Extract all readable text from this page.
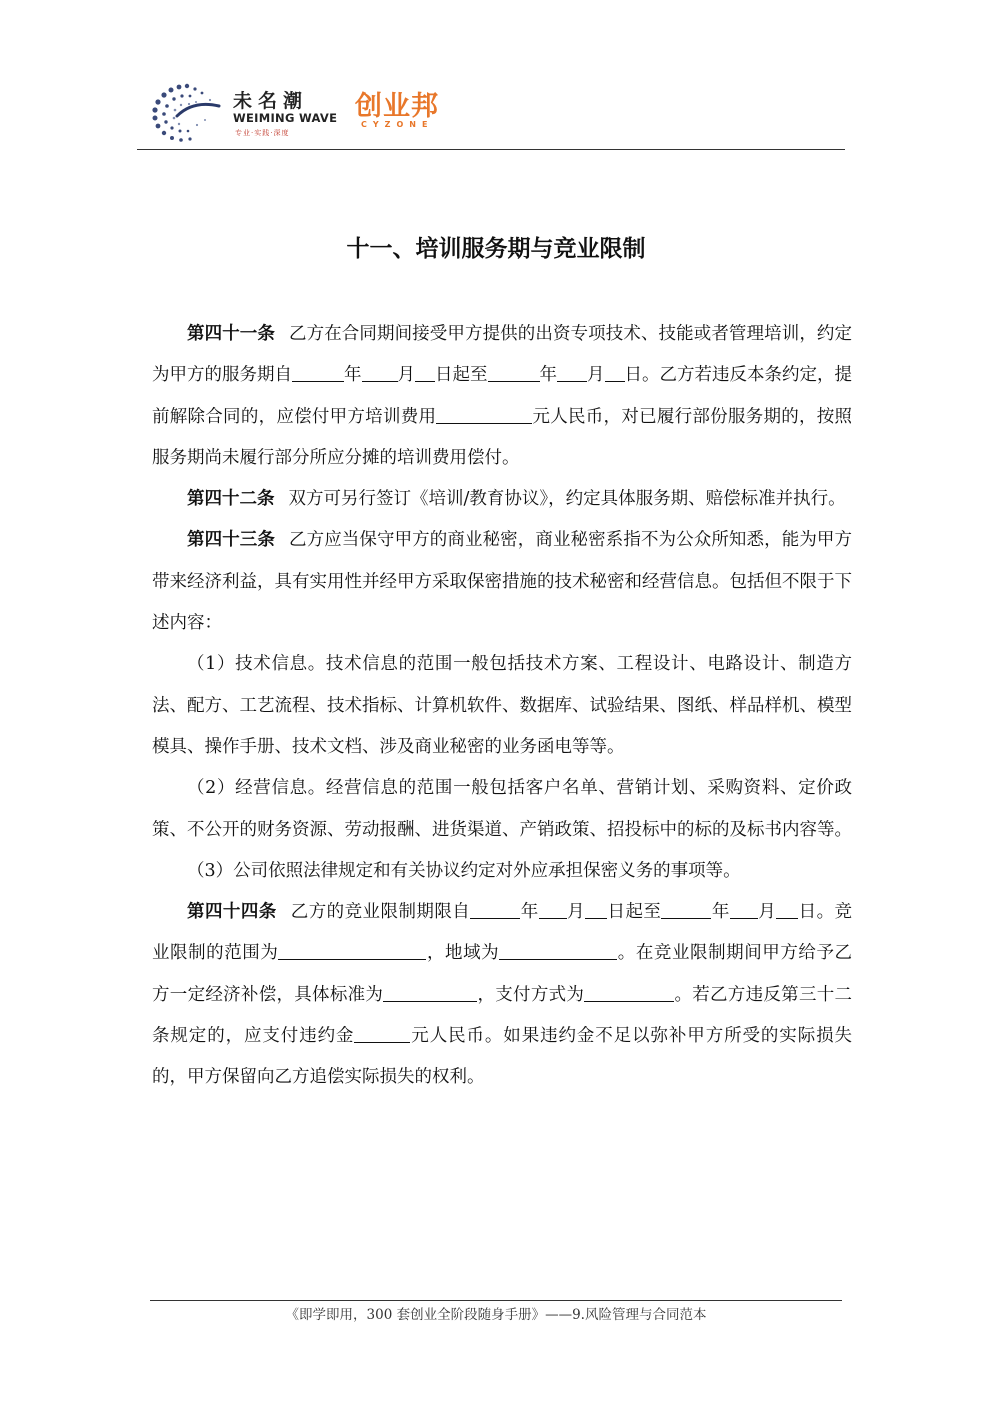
未名潮
WEIMING WAVE
专业·实践·深度
创业邦
CYZONE
十一、培训服务期与竞业限制

第四十一条 乙方在合同期间接受甲方提供的出资专项技术、技能或者管理培训，约定为甲方的服务期自	年 月 日起至	年 月 日。乙方若违反本条约定，提前解除合同的，应偿付甲方培训费用	元人民币，对已履行部份服务期的，按照服务期尚未履行部分所应分摊的培训费用偿付。

第四十二条 双方可另行签订《培训/教育协议》，约定具体服务期、赔偿标准并执行。

第四十三条 乙方应当保守甲方的商业秘密，商业秘密系指不为公众所知悉，能为甲方带来经济利益，具有实用性并经甲方采取保密措施的技术秘密和经营信息。包括但不限于下述内容：

（1）技术信息。技术信息的范围一般包括技术方案、工程设计、电路设计、制造方法、配方、工艺流程、技术指标、计算机软件、数据库、试验结果、图纸、样品样机、模型模具、操作手册、技术文档、涉及商业秘密的业务函电等等。

（2）经营信息。经营信息的范围一般包括客户名单、营销计划、采购资料、定价政策、不公开的财务资源、劳动报酬、进货渠道、产销政策、招投标中的标的及标书内容等。

（3）公司依照法律规定和有关协议约定对外应承担保密义务的事项等。

第四十四条 乙方的竞业限制期限自	年 月 日起至	年 月 日。竞业限制的范围为	，地域为	。在竞业限制期间甲方给予乙方一定经济补偿，具体标准为	，支付方式为	。若乙方违反第三十二条规定的，应支付违约金	元人民币。如果违约金不足以弥补甲方所受的实际损失的，甲方保留向乙方追偿实际损失的权利。

《即学即用，300 套创业全阶段随身手册》——9.风险管理与合同范本
